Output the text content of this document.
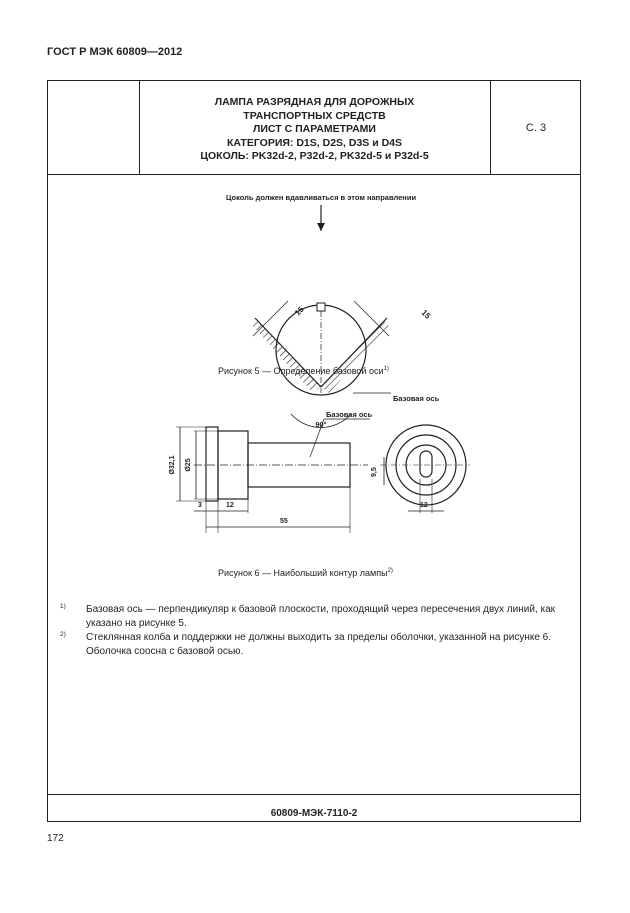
ГОСТ Р МЭК 60809—2012
ЛАМПА РАЗРЯДНАЯ ДЛЯ ДОРОЖНЫХ
ТРАНСПОРТНЫХ СРЕДСТВ
ЛИСТ С ПАРАМЕТРАМИ
КАТЕГОРИЯ: D1S, D2S, D3S и D4S
ЦОКОЛЬ: PK32d-2, P32d-2, PK32d-5 и P32d-5
С. 3
Цоколь должен вдавливаться в этом направлении
15	15
Базовая ось
90°
Рисунок 5 — Определение базовой оси$^{1)}$
Базовая ось
Ø32,1 Ø25
3	12
55
9,5
12
Рисунок 6 — Наибольший контур лампы$^{2)}$
1) Базовая ось — перпендикуляр к базовой плоскости, проходящий через пересечения двух линий, как указано на рисунке 5.
2) Стеклянная колба и поддержки не должны выходить за пределы оболочки, указанной на рисунке 6. Оболочка соосна с базовой осью.
60809-МЭК-7110-2
172
